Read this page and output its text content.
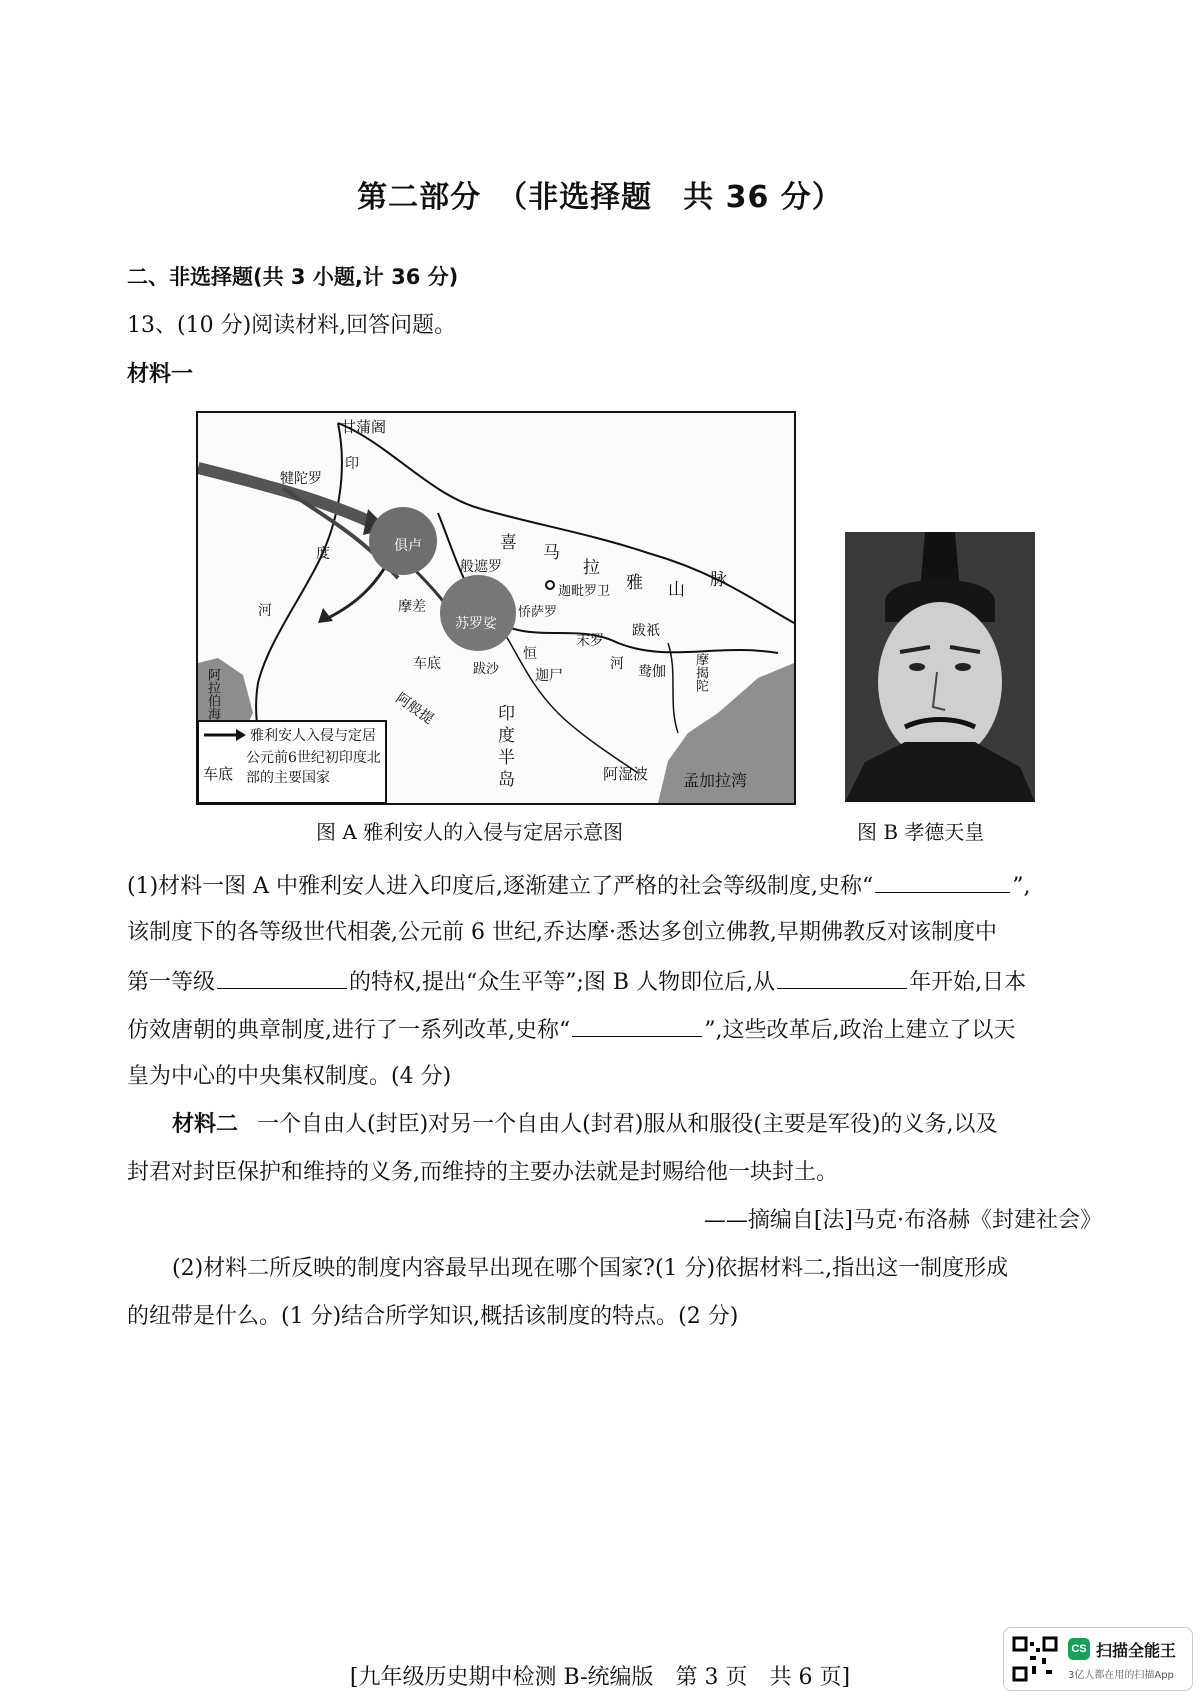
第二部分　（非选择题　共 36 分）
二、非选择题(共 3 小题,计 36 分)
13、(10 分)阅读材料,回答问题。
材料一
甘蒲阇
犍陀罗
印
度
河
俱卢	喜 马
拉
雅 山 脉
般遮罗
迦毗罗卫
摩差
苏罗娑
㤭萨罗
末罗
跋祇
车底 跋沙
恒
迦尸
河 鸯伽 摩揭陀
阿拉伯海	阿般提	印度半岛	阿湿波 孟加拉湾
雅利安人入侵与定居
车底
公元前6世纪初印度北部的主要国家
图 A 雅利安人的入侵与定居示意图	图 B 孝德天皇
(1)材料一图 A 中雅利安人进入印度后,逐渐建立了严格的社会等级制度,史称“	”,
该制度下的各等级世代相袭,公元前 6 世纪,乔达摩·悉达多创立佛教,早期佛教反对该制度中
第一等级	的特权,提出“众生平等”;图 B 人物即位后,从	年开始,日本
仿效唐朝的典章制度,进行了一系列改革,史称“	”,这些改革后,政治上建立了以天
皇为中心的中央集权制度。(4 分)
材料二 一个自由人(封臣)对另一个自由人(封君)服从和服役(主要是军役)的义务,以及
封君对封臣保护和维持的义务,而维持的主要办法就是封赐给他一块封土。
——摘编自[法]马克·布洛赫《封建社会》
(2)材料二所反映的制度内容最早出现在哪个国家?(1 分)依据材料二,指出这一制度形成
的纽带是什么。(1 分)结合所学知识,概括该制度的特点。(2 分)
[九年级历史期中检测 B-统编版　第 3 页　共 6 页]
CS 扫描全能王
3亿人都在用的扫描App
